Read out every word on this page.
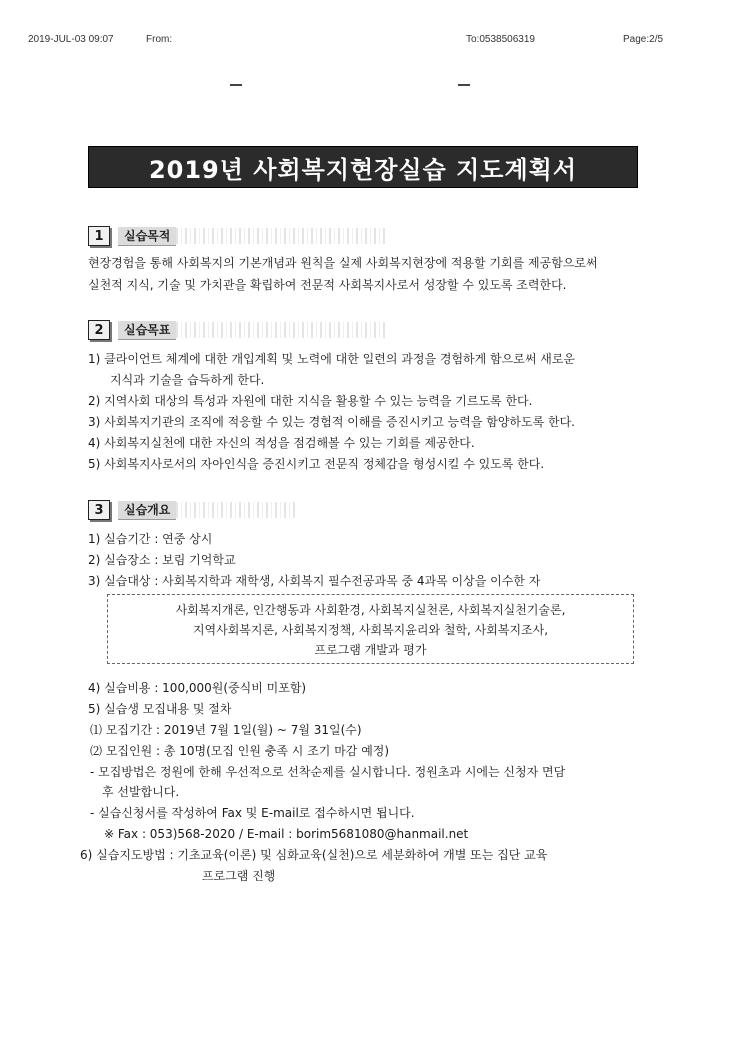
2019-JUL-03 09:07	From:	To:0538506319	Page:2/5
2019년 사회복지현장실습 지도계획서
1	실습목적
현장경험을 통해 사회복지의 기본개념과 원칙을 실제 사회복지현장에 적용할 기회를 제공함으로써
실천적 지식, 기술 및 가치관을 확립하여 전문적 사회복지사로서 성장할 수 있도록 조력한다.
2	실습목표
1) 클라이언트 체계에 대한 개입계획 및 노력에 대한 일련의 과정을 경험하게 함으로써 새로운
지식과 기술을 습득하게 한다.
2) 지역사회 대상의 특성과 자원에 대한 지식을 활용할 수 있는 능력을 기르도록 한다.
3) 사회복지기관의 조직에 적응할 수 있는 경험적 이해를 증진시키고 능력을 함양하도록 한다.
4) 사회복지실천에 대한 자신의 적성을 점검해볼 수 있는 기회를 제공한다.
5) 사회복지사로서의 자아인식을 증진시키고 전문직 정체감을 형성시킬 수 있도록 한다.
3	실습개요
1) 실습기간 : 연중 상시
2) 실습장소 : 보림 기억학교
3) 실습대상 : 사회복지학과 재학생, 사회복지 필수전공과목 중 4과목 이상을 이수한 자
사회복지개론, 인간행동과 사회환경, 사회복지실천론, 사회복지실천기술론,
지역사회복지론, 사회복지정책, 사회복지윤리와 철학, 사회복지조사,
프로그램 개발과 평가
4) 실습비용 : 100,000원(중식비 미포함)
5) 실습생 모집내용 및 절차
⑴ 모집기간 : 2019년 7월 1일(월) ~ 7월 31일(수)
⑵ 모집인원 : 총 10명(모집 인원 충족 시 조기 마감 예정)
- 모집방법은 정원에 한해 우선적으로 선착순제를 실시합니다. 정원초과 시에는 신청자 면담
후 선발합니다.
- 실습신청서를 작성하여 Fax 및 E-mail로 접수하시면 됩니다.
※ Fax : 053)568-2020 / E-mail : borim5681080@hanmail.net
6) 실습지도방법 : 기초교육(이론) 및 심화교육(실천)으로 세분화하여 개별 또는 집단 교육
프로그램 진행
